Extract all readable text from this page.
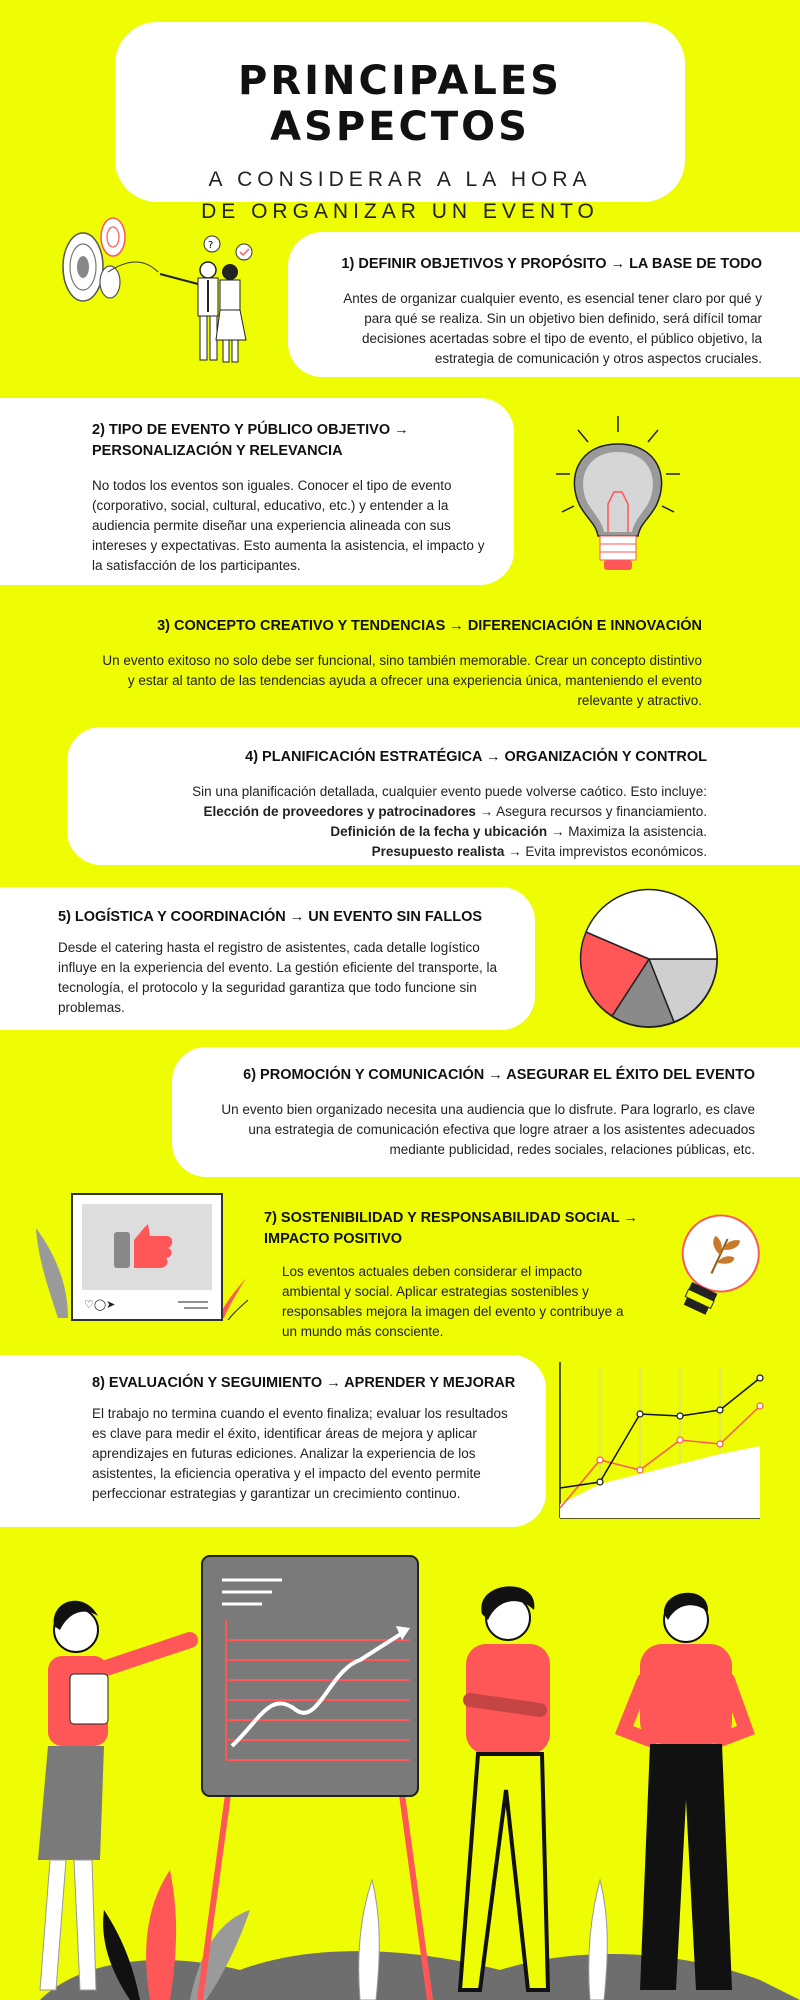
PRINCIPALES ASPECTOS
A CONSIDERAR A LA HORA
DE ORGANIZAR UN EVENTO
?

1) DEFINIR OBJETIVOS Y PROPÓSITO → LA BASE DE TODO

Antes de organizar cualquier evento, es esencial tener claro por qué y para qué se realiza. Sin un objetivo bien definido, será difícil tomar decisiones acertadas sobre el tipo de evento, el público objetivo, la estrategia de comunicación y otros aspectos cruciales.

2) TIPO DE EVENTO Y PÚBLICO OBJETIVO → PERSONALIZACIÓN Y RELEVANCIA

No todos los eventos son iguales. Conocer el tipo de evento (corporativo, social, cultural, educativo, etc.) y entender a la audiencia permite diseñar una experiencia alineada con sus intereses y expectativas. Esto aumenta la asistencia, el impacto y la satisfacción de los participantes.

3) CONCEPTO CREATIVO Y TENDENCIAS → DIFERENCIACIÓN E INNOVACIÓN

Un evento exitoso no solo debe ser funcional, sino también memorable. Crear un concepto distintivo y estar al tanto de las tendencias ayuda a ofrecer una experiencia única, manteniendo el evento relevante y atractivo.

4) PLANIFICACIÓN ESTRATÉGICA → ORGANIZACIÓN Y CONTROL

Sin una planificación detallada, cualquier evento puede volverse caótico. Esto incluye:

Elección de proveedores y patrocinadores → Asegura recursos y financiamiento.

Definición de la fecha y ubicación → Maximiza la asistencia.

Presupuesto realista → Evita imprevistos económicos.

5) LOGÍSTICA Y COORDINACIÓN → UN EVENTO SIN FALLOS

Desde el catering hasta el registro de asistentes, cada detalle logístico influye en la experiencia del evento. La gestión eficiente del transporte, la tecnología, el protocolo y la seguridad garantiza que todo funcione sin problemas.

6) PROMOCIÓN Y COMUNICACIÓN → ASEGURAR EL ÉXITO DEL EVENTO

Un evento bien organizado necesita una audiencia que lo disfrute. Para lograrlo, es clave una estrategia de comunicación efectiva que logre atraer a los asistentes adecuados mediante publicidad, redes sociales, relaciones públicas, etc.

♡◯➤

7) SOSTENIBILIDAD Y RESPONSABILIDAD SOCIAL → IMPACTO POSITIVO

Los eventos actuales deben considerar el impacto ambiental y social. Aplicar estrategias sostenibles y responsables mejora la imagen del evento y contribuye a un mundo más consciente.

8) EVALUACIÓN Y SEGUIMIENTO → APRENDER Y MEJORAR

El trabajo no termina cuando el evento finaliza; evaluar los resultados es clave para medir el éxito, identificar áreas de mejora y aplicar aprendizajes en futuras ediciones. Analizar la experiencia de los asistentes, la eficiencia operativa y el impacto del evento permite perfeccionar estrategias y garantizar un crecimiento continuo.
